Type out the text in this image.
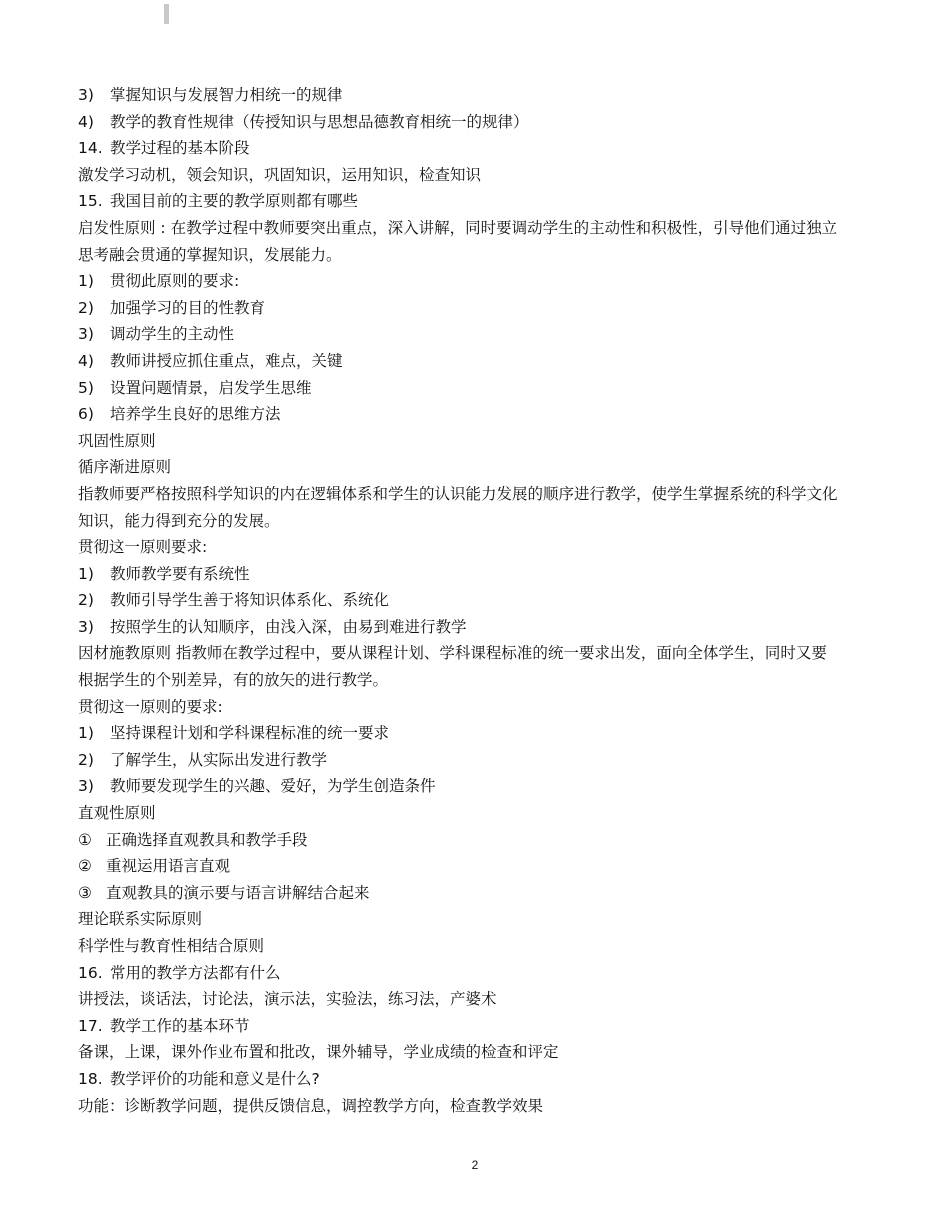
3) 掌握知识与发展智力相统一的规律
4) 教学的教育性规律（传授知识与思想品德教育相统一的规律）
14. 教学过程的基本阶段
激发学习动机，领会知识，巩固知识，运用知识，检查知识
15. 我国目前的主要的教学原则都有哪些
启发性原则 : 在教学过程中教师要突出重点，深入讲解，同时要调动学生的主动性和积极性，引导他们通过独立思考融会贯通的掌握知识，发展能力。
1) 贯彻此原则的要求:
2) 加强学习的目的性教育
3) 调动学生的主动性
4) 教师讲授应抓住重点，难点，关键
5) 设置问题情景，启发学生思维
6) 培养学生良好的思维方法
巩固性原则
循序渐进原则
指教师要严格按照科学知识的内在逻辑体系和学生的认识能力发展的顺序进行教学，使学生掌握系统的科学文化知识，能力得到充分的发展。
贯彻这一原则要求:
1) 教师教学要有系统性
2) 教师引导学生善于将知识体系化、系统化
3) 按照学生的认知顺序，由浅入深，由易到难进行教学
因材施教原则 指教师在教学过程中，要从课程计划、学科课程标准的统一要求出发，面向全体学生，同时又要根据学生的个别差异，有的放矢的进行教学。
贯彻这一原则的要求:
1) 坚持课程计划和学科课程标准的统一要求
2) 了解学生，从实际出发进行教学
3) 教师要发现学生的兴趣、爱好，为学生创造条件
直观性原则
① 正确选择直观教具和教学手段
② 重视运用语言直观
③ 直观教具的演示要与语言讲解结合起来
理论联系实际原则
科学性与教育性相结合原则
16. 常用的教学方法都有什么
讲授法，谈话法，讨论法，演示法，实验法，练习法，产婆术
17. 教学工作的基本环节
备课，上课，课外作业布置和批改，课外辅导，学业成绩的检查和评定
18. 教学评价的功能和意义是什么?
功能：诊断教学问题，提供反馈信息，调控教学方向，检查教学效果
2
